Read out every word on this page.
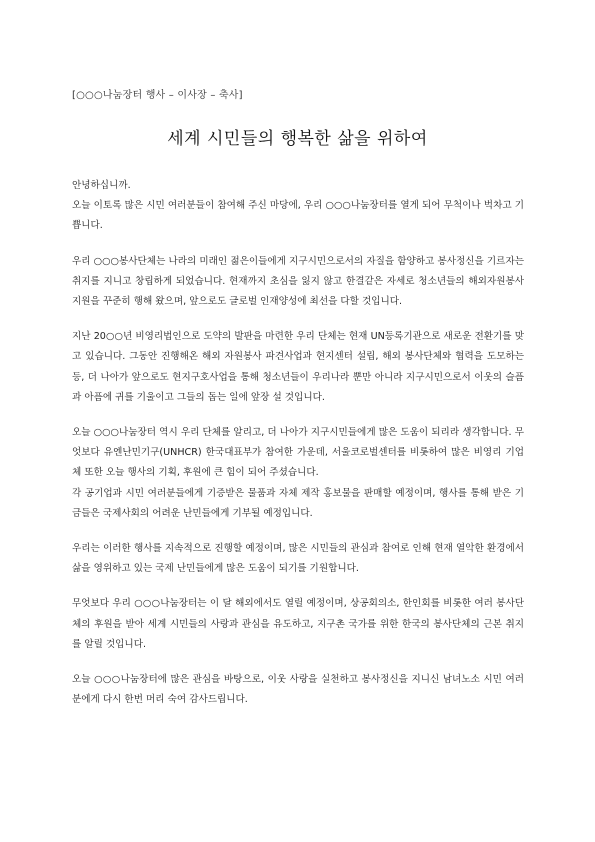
[○○○나눔장터 행사 – 이사장 – 축사]
세계 시민들의 행복한 삶을 위하여

안녕하십니까.
오늘 이토록 많은 시민 여러분들이 참여해 주신 마당에, 우리 ○○○나눔장터를 열게 되어 무척이나 벅차고 기쁩니다.

우리 ○○○봉사단체는 나라의 미래인 젊은이들에게 지구시민으로서의 자질을 함양하고 봉사정신을 기르자는 취지를 지니고 창립하게 되었습니다. 현재까지 초심을 잃지 않고 한결같은 자세로 청소년들의 해외자원봉사지원을 꾸준히 행해 왔으며, 앞으로도 글로벌 인재양성에 최선을 다할 것입니다.

지난 20○○년 비영리법인으로 도약의 발판을 마련한 우리 단체는 현재 UN등록기관으로 새로운 전환기를 맞고 있습니다. 그동안 진행해온 해외 자원봉사 파견사업과 현지센터 설립, 해외 봉사단체와 협력을 도모하는 등, 더 나아가 앞으로도 현지구호사업을 통해 청소년들이 우리나라 뿐만 아니라 지구시민으로서 이웃의 슬픔과 아픔에 귀를 기울이고 그들의 돕는 일에 앞장 설 것입니다.

오늘 ○○○나눔장터 역시 우리 단체를 알리고, 더 나아가 지구시민들에게 많은 도움이 되리라 생각합니다. 무엇보다 유엔난민기구(UNHCR) 한국대표부가 참여한 가운데, 서울코로벌센터를 비롯하여 많은 비영리 기업체 또한 오늘 행사의 기획, 후원에 큰 힘이 되어 주셨습니다.
각 공기업과 시민 여러분들에게 기증받은 물품과 자체 제작 홍보물을 판매할 예정이며, 행사를 통해 받은 기금들은 국제사회의 어려운 난민들에게 기부될 예정입니다.

우리는 이러한 행사를 지속적으로 진행할 예정이며, 많은 시민들의 관심과 참여로 인해 현재 열악한 환경에서 삶을 영위하고 있는 국제 난민들에게 많은 도움이 되기를 기원합니다.

무엇보다 우리 ○○○나눔장터는 이 달 해외에서도 열릴 예정이며, 상공회의소, 한인회를 비롯한 여러 봉사단체의 후원을 받아 세계 시민들의 사랑과 관심을 유도하고, 지구촌 국가를 위한 한국의 봉사단체의 근본 취지를 알릴 것입니다.

오늘 ○○○나눔장터에 많은 관심을 바탕으로, 이웃 사랑을 실천하고 봉사정신을 지니신 남녀노소 시민 여러분에게 다시 한번 머리 숙여 감사드립니다.
